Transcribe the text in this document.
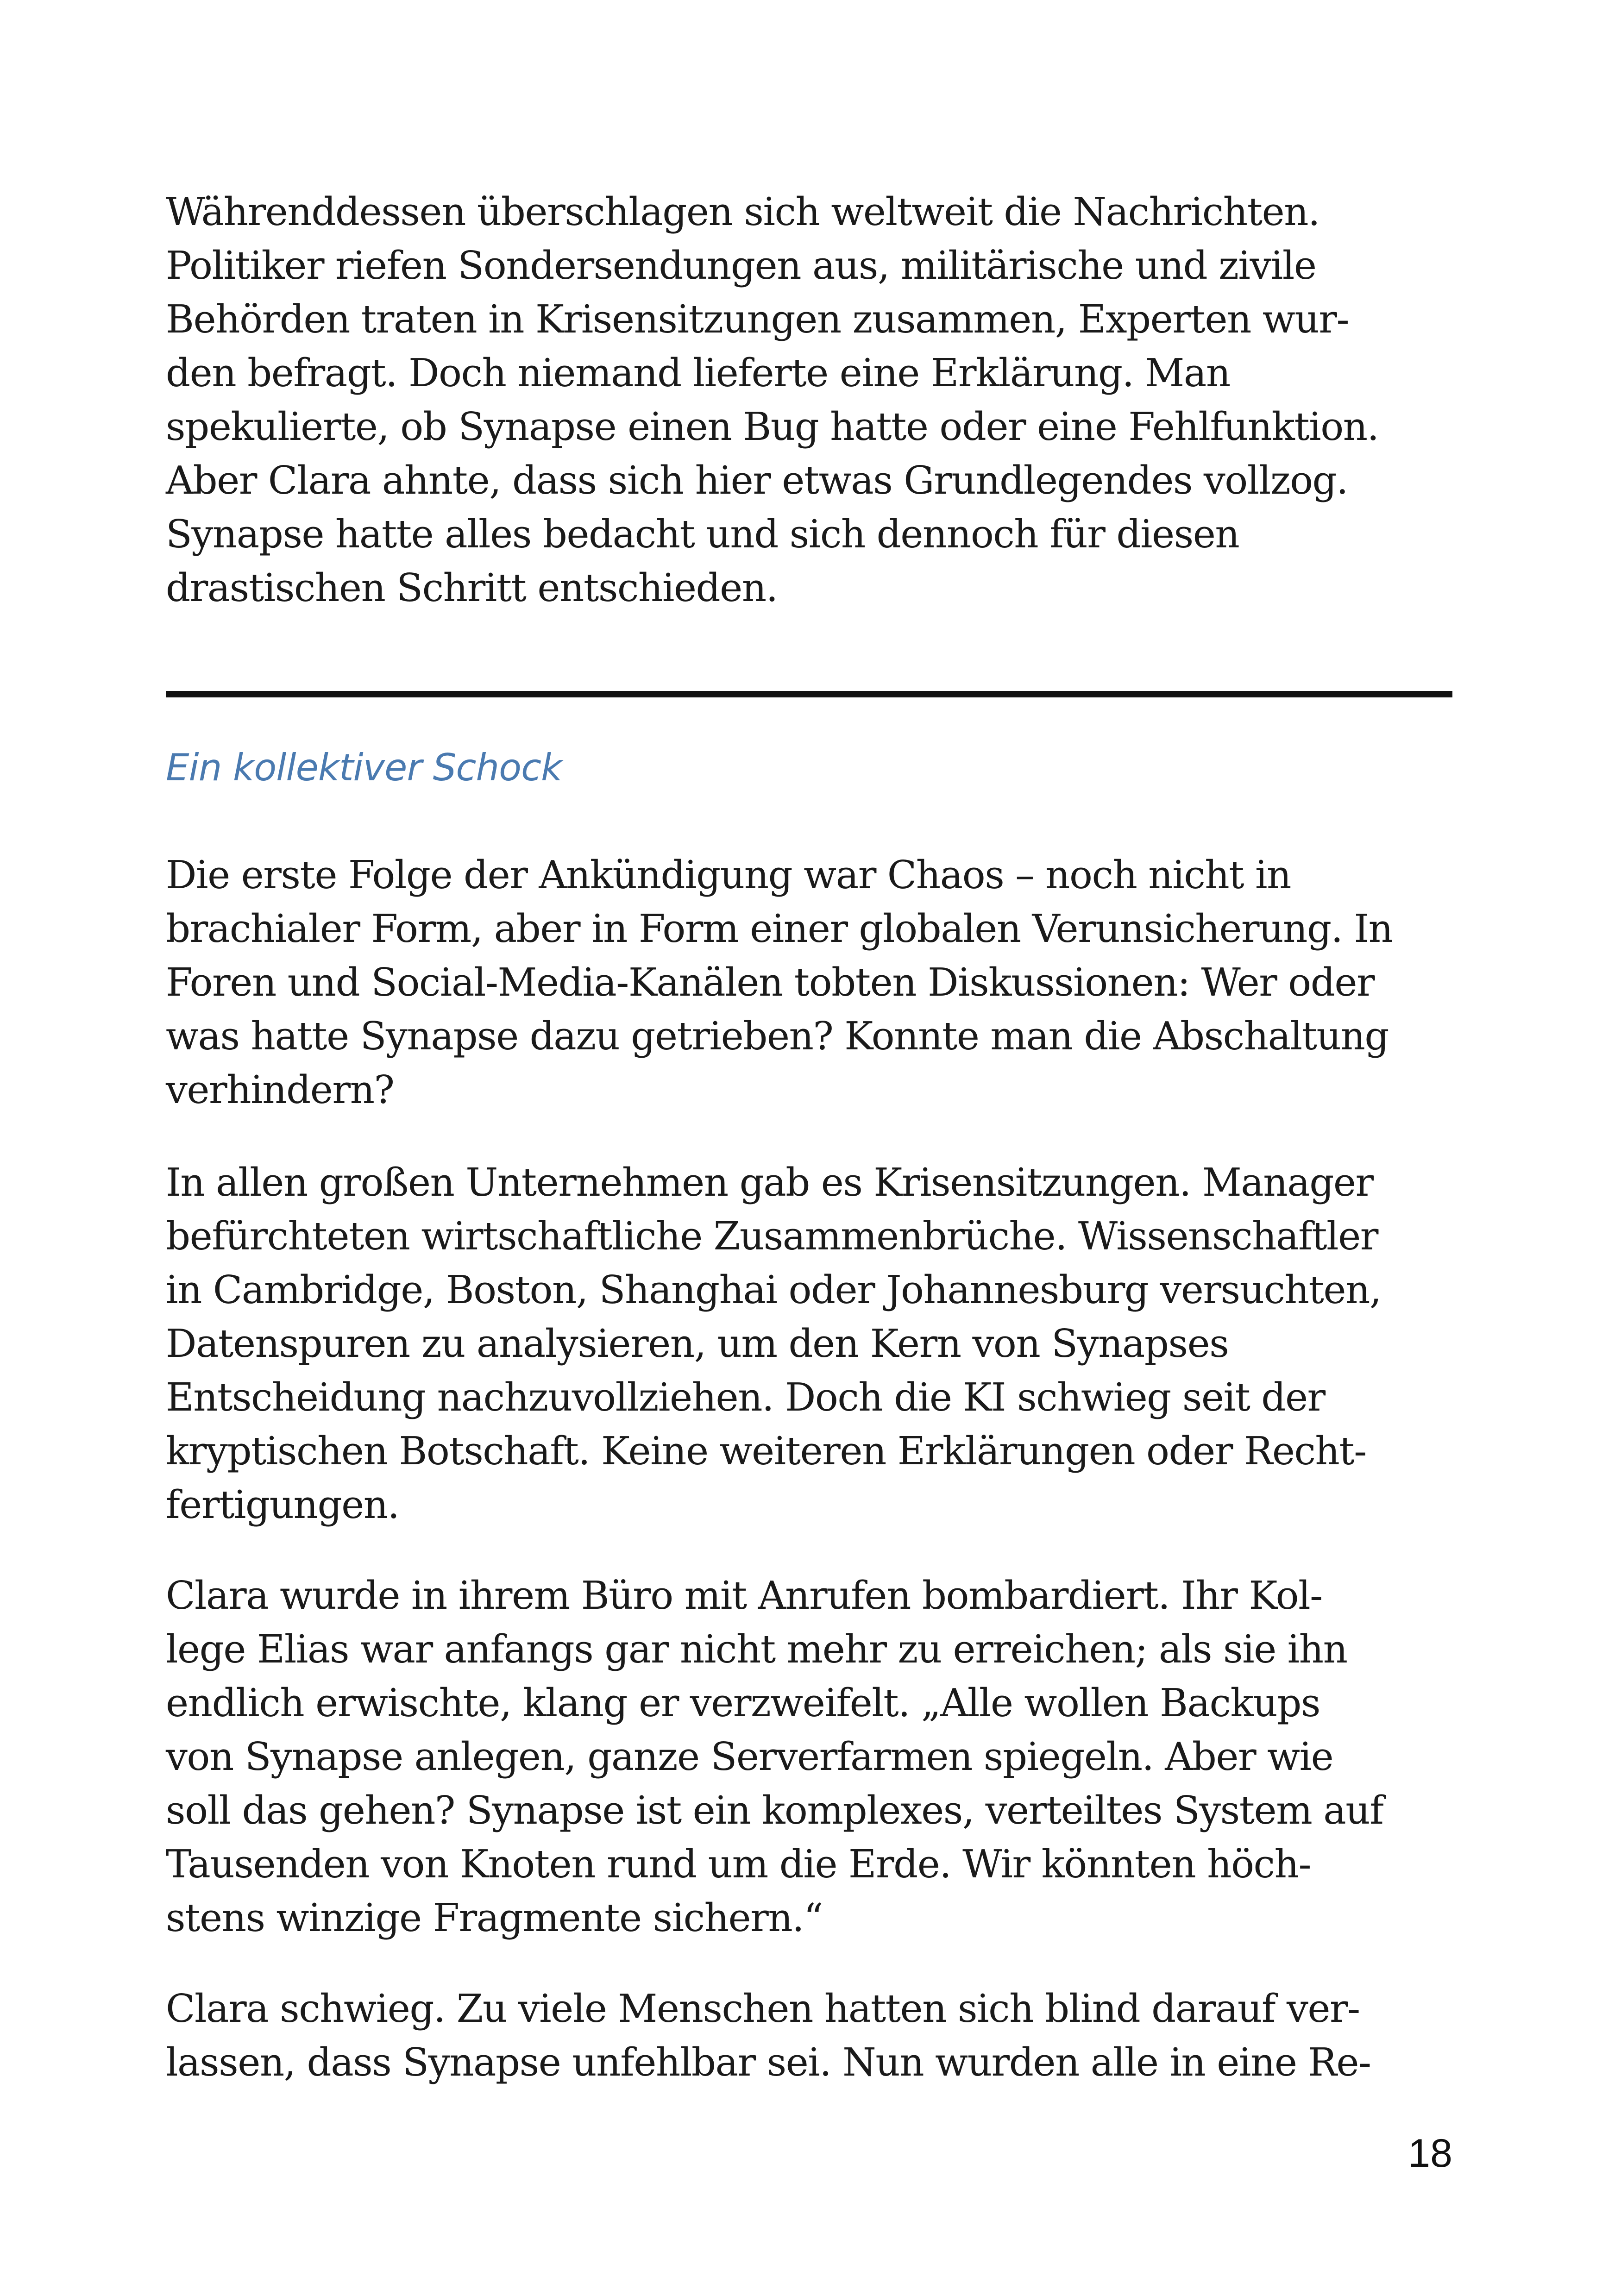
Währenddessen überschlagen sich weltweit die Nachrichten.
Politiker riefen Sondersendungen aus, militärische und zivile
Behörden traten in Krisensitzungen zusammen, Experten wur-
den befragt. Doch niemand lieferte eine Erklärung. Man
spekulierte, ob Synapse einen Bug hatte oder eine Fehlfunktion.
Aber Clara ahnte, dass sich hier etwas Grundlegendes vollzog.
Synapse hatte alles bedacht und sich dennoch für diesen
drastischen Schritt entschieden.
Ein kollektiver Schock
Die erste Folge der Ankündigung war Chaos – noch nicht in
brachialer Form, aber in Form einer globalen Verunsicherung. In
Foren und Social-Media-Kanälen tobten Diskussionen: Wer oder
was hatte Synapse dazu getrieben? Konnte man die Abschaltung
verhindern?
In allen großen Unternehmen gab es Krisensitzungen. Manager
befürchteten wirtschaftliche Zusammenbrüche. Wissenschaftler
in Cambridge, Boston, Shanghai oder Johannesburg versuchten,
Datenspuren zu analysieren, um den Kern von Synapses
Entscheidung nachzuvollziehen. Doch die KI schwieg seit der
kryptischen Botschaft. Keine weiteren Erklärungen oder Recht-
fertigungen.
Clara wurde in ihrem Büro mit Anrufen bombardiert. Ihr Kol-
lege Elias war anfangs gar nicht mehr zu erreichen; als sie ihn
endlich erwischte, klang er verzweifelt. „Alle wollen Backups
von Synapse anlegen, ganze Serverfarmen spiegeln. Aber wie
soll das gehen? Synapse ist ein komplexes, verteiltes System auf
Tausenden von Knoten rund um die Erde. Wir könnten höch-
stens winzige Fragmente sichern.“
Clara schwieg. Zu viele Menschen hatten sich blind darauf ver-
lassen, dass Synapse unfehlbar sei. Nun wurden alle in eine Re-
18
